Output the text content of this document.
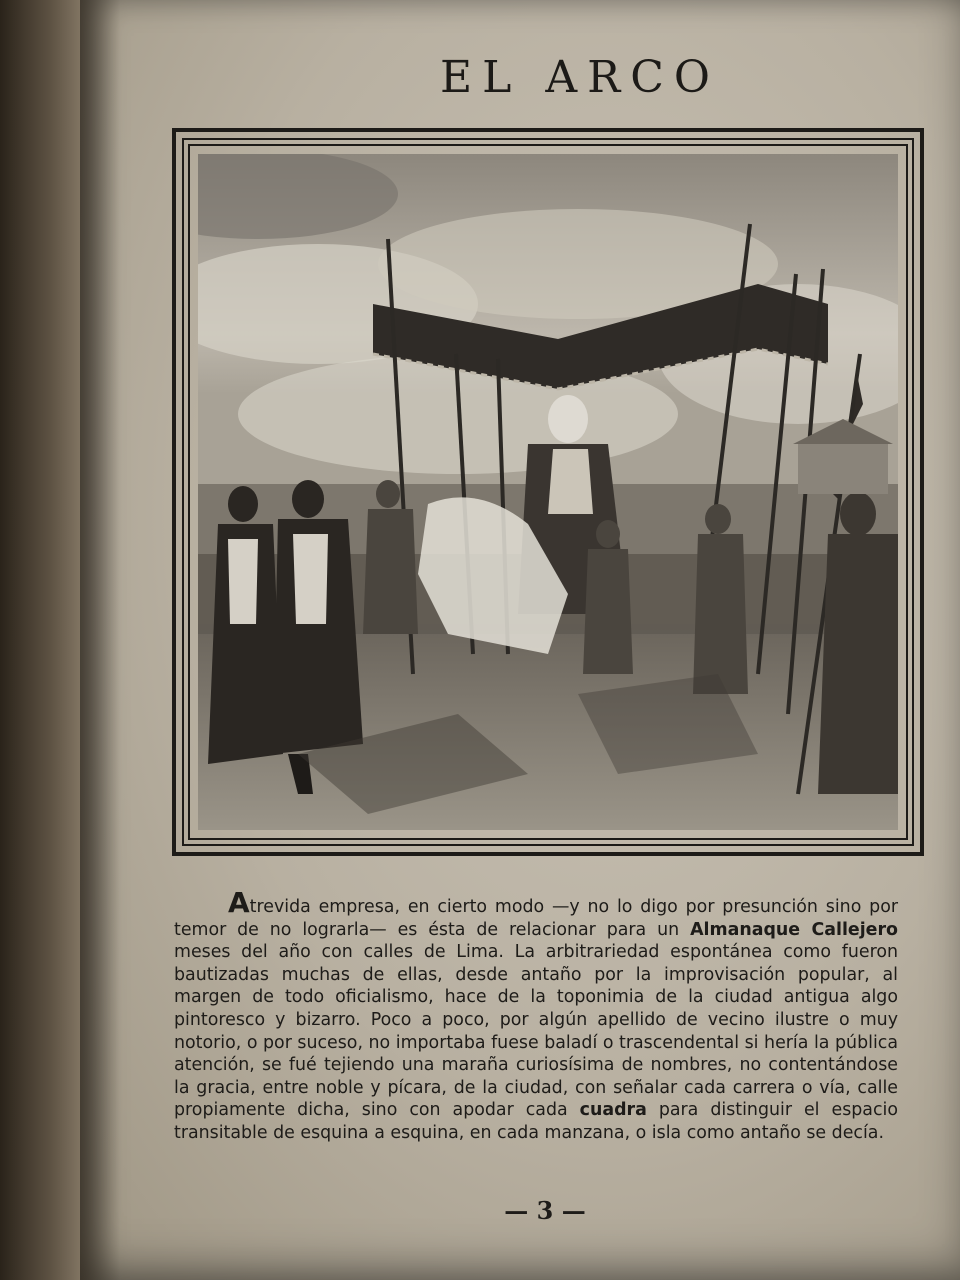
EL ARCO
Atrevida empresa, en cierto modo —y no lo digo por presunción sino por temor de no lograrla— es ésta de relacionar para un Almanaque Callejero meses del año con calles de Lima. La arbitrariedad espontánea como fueron bautizadas muchas de ellas, desde antaño por la improvisación popular, al margen de todo oficialismo, hace de la toponimia de la ciudad antigua algo pintoresco y bizarro. Poco a poco, por algún apellido de vecino ilustre o muy notorio, o por suceso, no importaba fuese baladí o trascendental si hería la pública atención, se fué tejiendo una maraña curiosísima de nombres, no contentándose la gracia, entre noble y pícara, de la ciudad, con señalar cada carrera o vía, calle propiamente dicha, sino con apodar cada cuadra para distinguir el espacio transitable de esquina a esquina, en cada manzana, o isla como antaño se decía.
— 3 —
